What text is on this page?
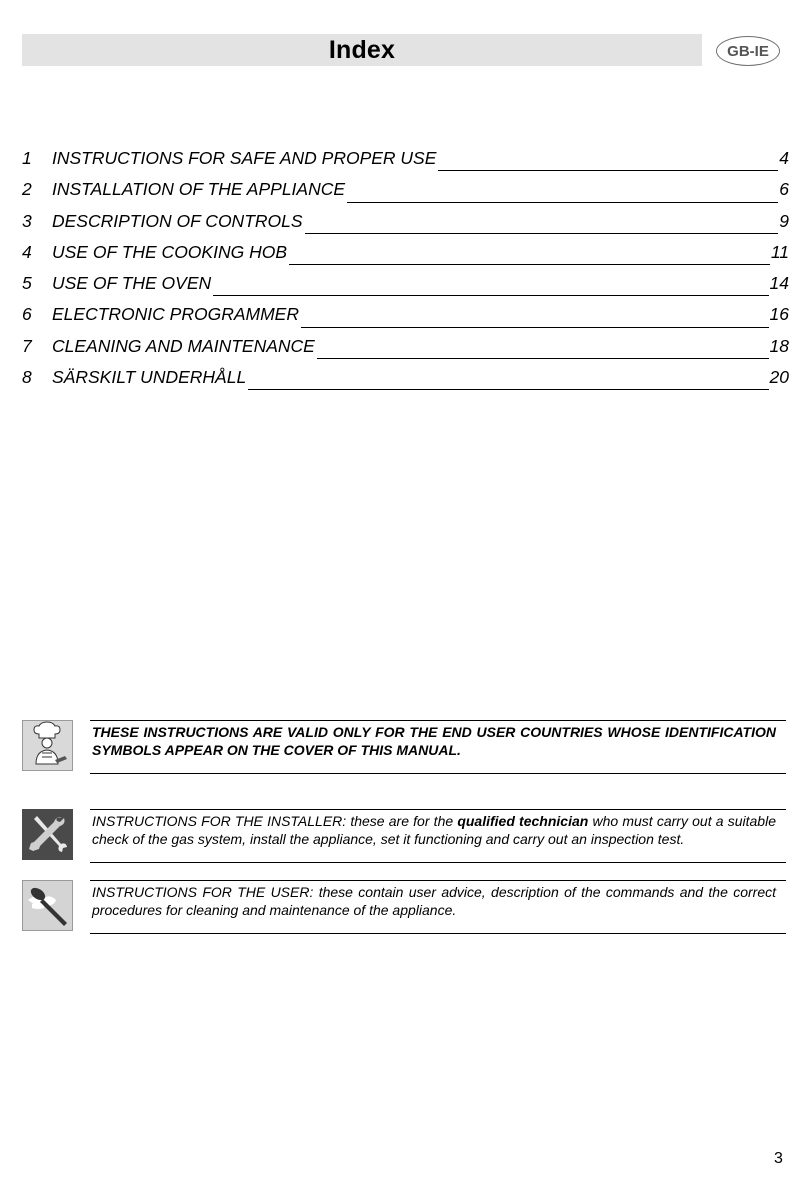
Index	GB-IE
1	INSTRUCTIONS FOR SAFE AND PROPER USE	4
2	INSTALLATION OF THE APPLIANCE	6
3	DESCRIPTION OF CONTROLS	9
4	USE OF THE COOKING HOB	11
5	USE OF THE OVEN	14
6	ELECTRONIC PROGRAMMER	16
7	CLEANING AND MAINTENANCE	18
8	SÄRSKILT UNDERHÅLL	20
THESE INSTRUCTIONS ARE VALID ONLY FOR THE END USER COUNTRIES WHOSE IDENTIFICATION SYMBOLS APPEAR ON THE COVER OF THIS MANUAL.
INSTRUCTIONS FOR THE INSTALLER: these are for the qualified technician who must carry out a suitable check of the gas system, install the appliance, set it functioning and carry out an inspection test.
INSTRUCTIONS FOR THE USER: these contain user advice, description of the commands and the correct procedures for cleaning and maintenance of the appliance.
3
